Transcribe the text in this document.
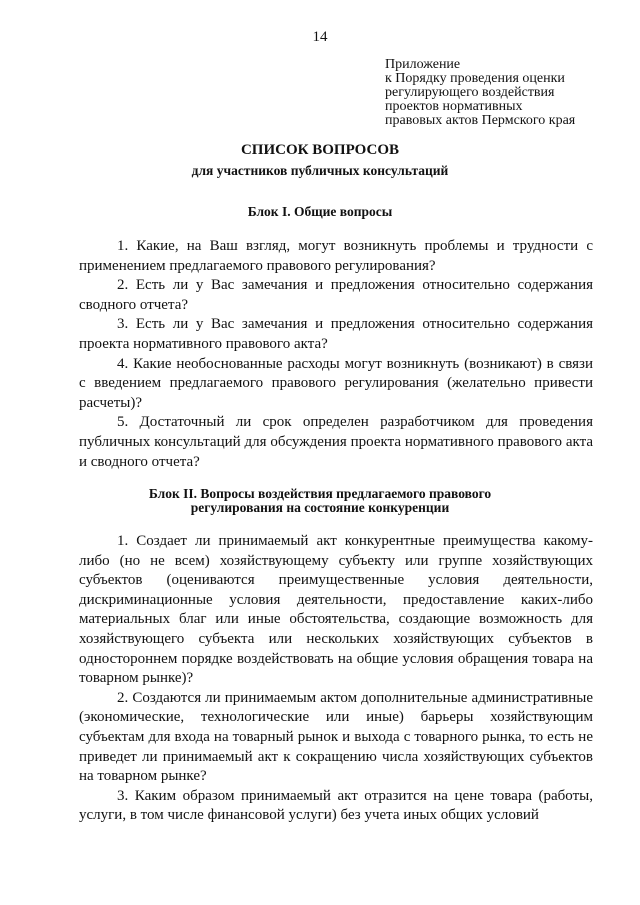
14
Приложение
к Порядку проведения оценки
регулирующего воздействия
проектов нормативных
правовых актов Пермского края
СПИСОК ВОПРОСОВ
для участников публичных консультаций
Блок I. Общие вопросы

1. Какие, на Ваш взгляд, могут возникнуть проблемы и трудности с применением предлагаемого правового регулирования?

2. Есть ли у Вас замечания и предложения относительно содержания сводного отчета?

3. Есть ли у Вас замечания и предложения относительно содержания проекта нормативного правового акта?

4. Какие необоснованные расходы могут возникнуть (возникают) в связи с введением предлагаемого правового регулирования (желательно привести расчеты)?

5. Достаточный ли срок определен разработчиком для проведения публичных консультаций для обсуждения проекта нормативного правового акта и сводного отчета?

Блок II. Вопросы воздействия предлагаемого правового
регулирования на состояние конкуренции

1. Создает ли принимаемый акт конкурентные преимущества какому-либо (но не всем) хозяйствующему субъекту или группе хозяйствующих субъектов (оцениваются преимущественные условия деятельности, дискриминационные условия деятельности, предоставление каких-либо материальных благ или иные обстоятельства, создающие возможность для хозяйствующего субъекта или нескольких хозяйствующих субъектов в одностороннем порядке воздействовать на общие условия обращения товара на товарном рынке)?

2. Создаются ли принимаемым актом дополнительные административные (экономические, технологические или иные) барьеры хозяйствующим субъектам для входа на товарный рынок и выхода с товарного рынка, то есть не приведет ли принимаемый акт к сокращению числа хозяйствующих субъектов на товарном рынке?

3. Каким образом принимаемый акт отразится на цене товара (работы, услуги, в том числе финансовой услуги) без учета иных общих условий
